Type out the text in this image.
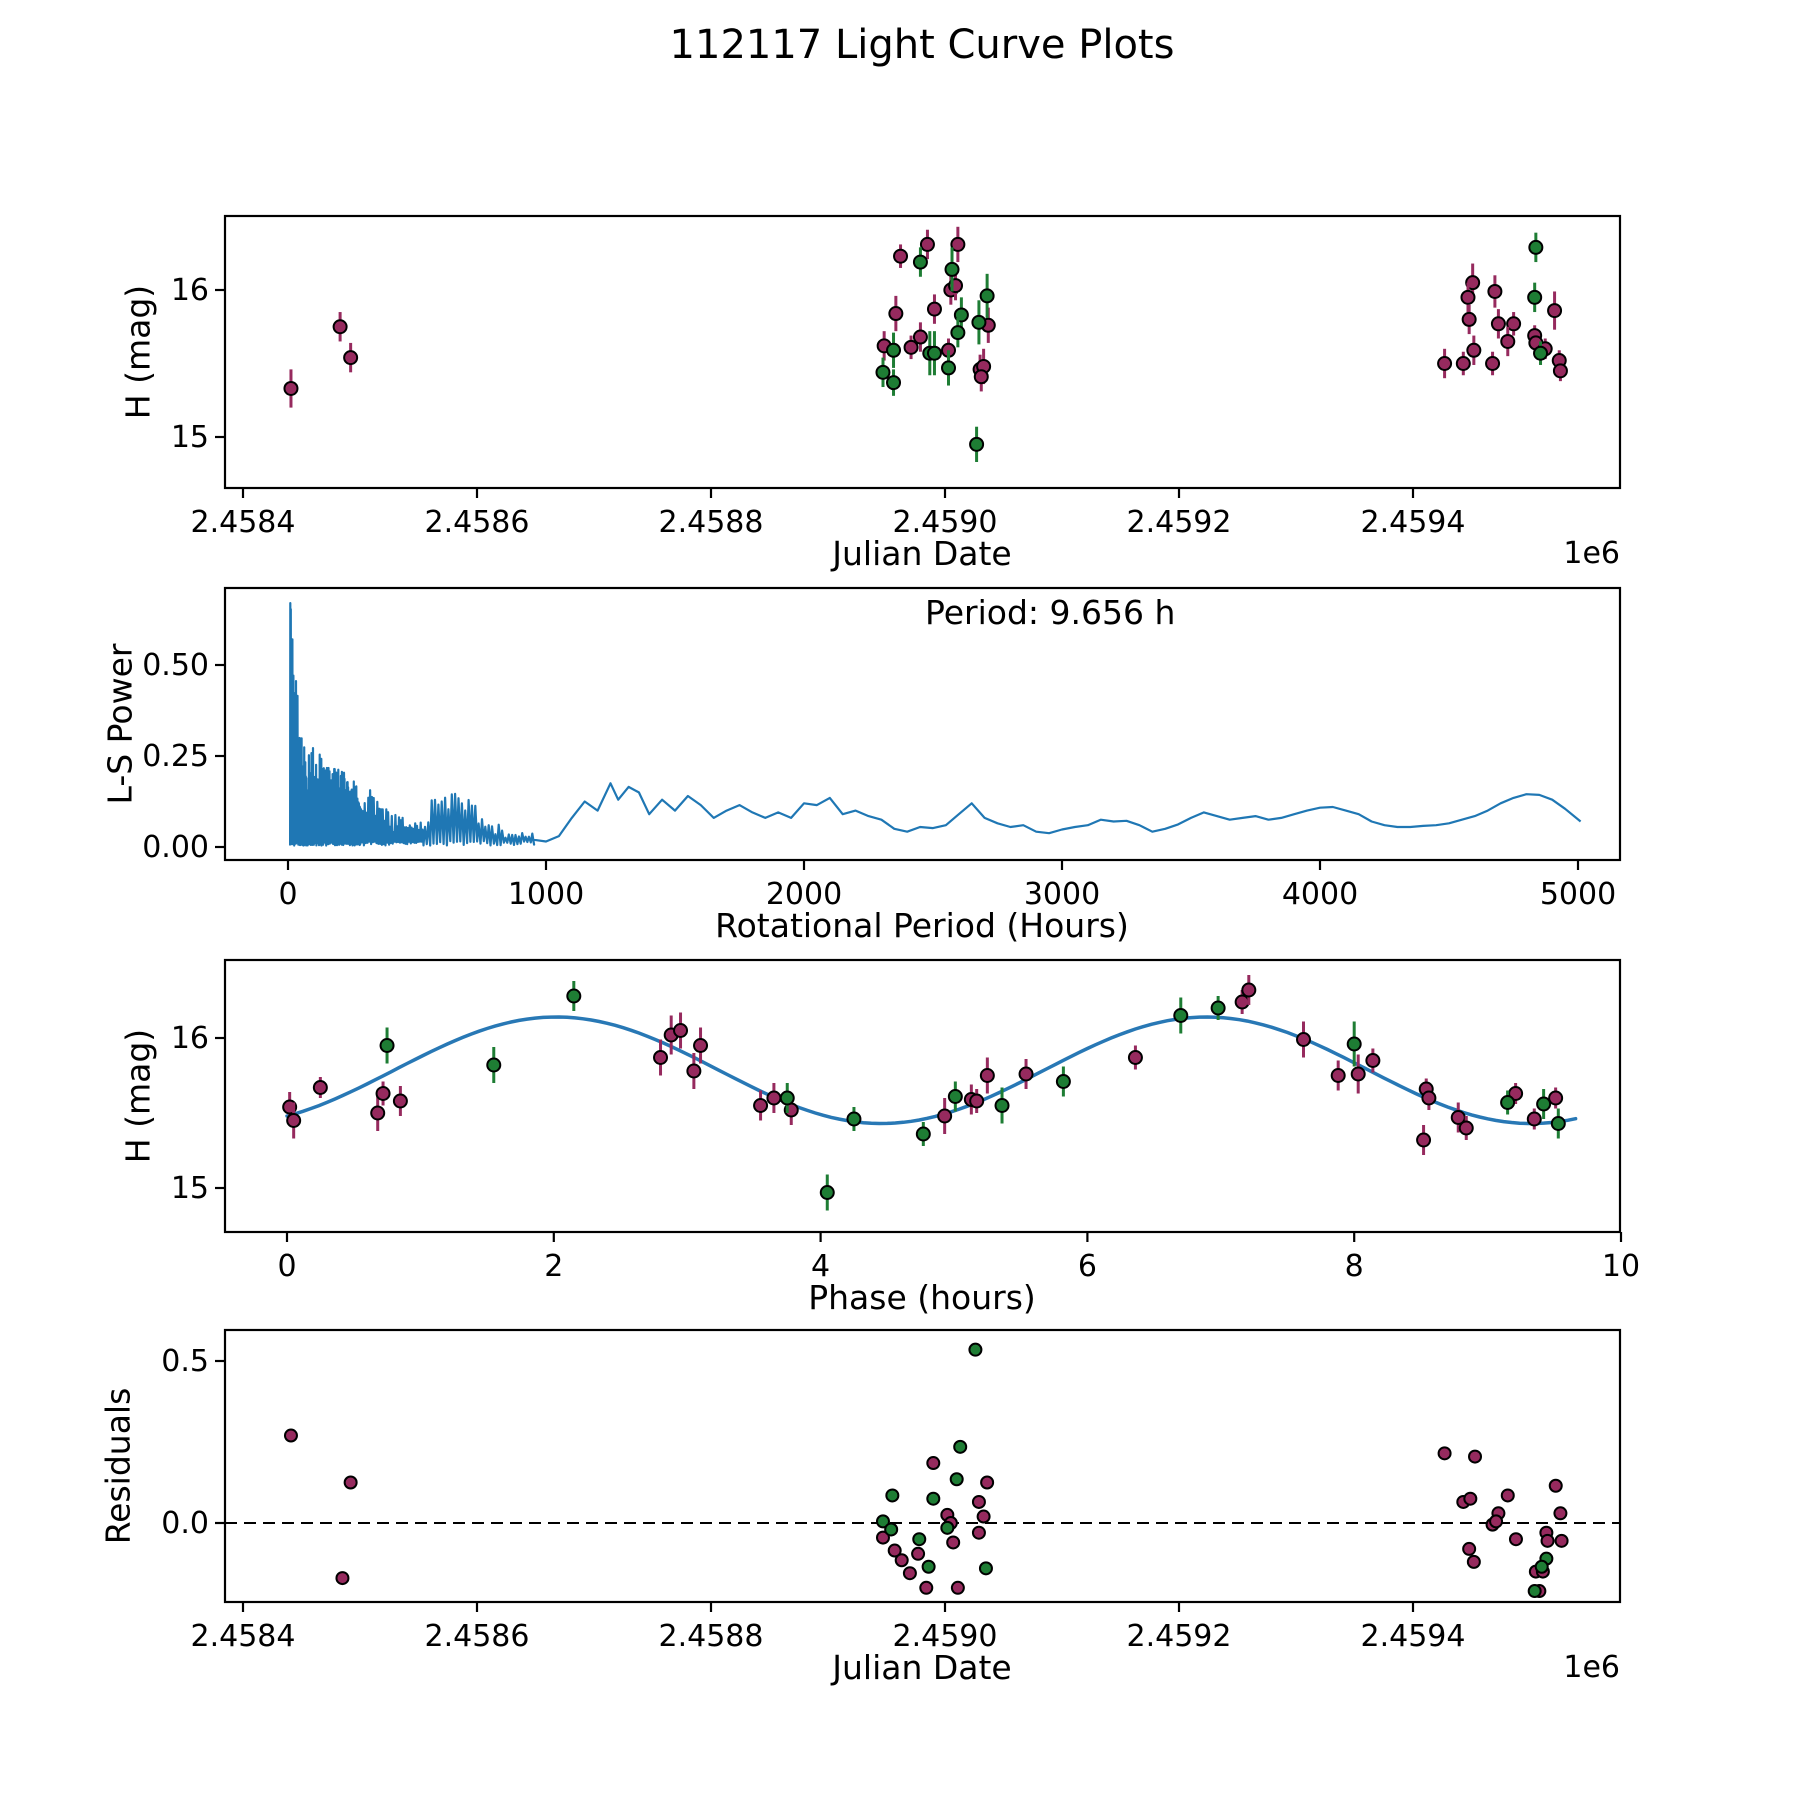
112117 Light Curve Plots
H (mag)
Julian Date	1e6
L-S Power
Period: 9.656 h
Rotational Period (Hours)
H (mag)
Phase (hours)
Residuals
Julian Date	1e6
2.4584	2.4586	2.4588	2.4590	2.4592	2.4594
16
15
0	1000	2000	3000	4000	5000
0.50
0.25
0.00
0	2	4	6	8	10
16
15
2.4584	2.4586	2.4588	2.4590	2.4592	2.4594
0.5
0.0
